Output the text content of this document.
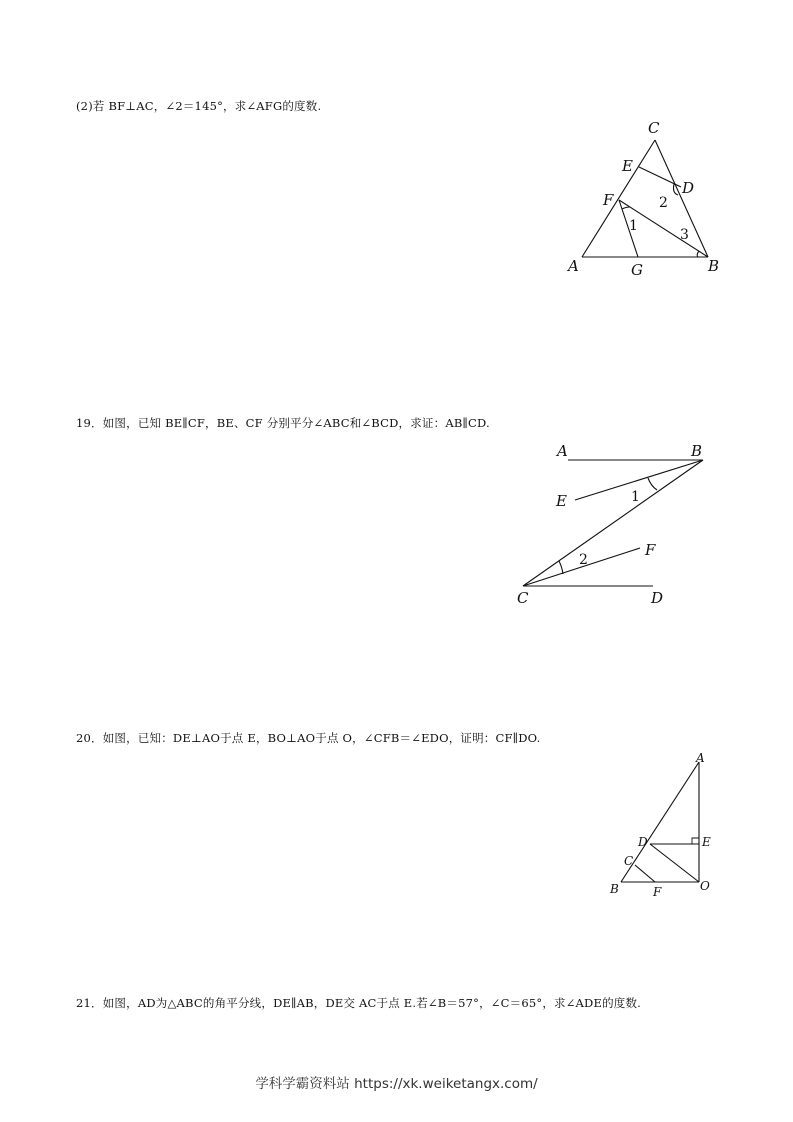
(2)若 BF⊥AC，∠2＝145°，求∠AFG的度数.
19．如图，已知 BE∥CF，BE、CF 分别平分∠ABC和∠BCD，求证：AB∥CD.
20．如图，已知：DE⊥AO于点 E，BO⊥AO于点 O，∠CFB＝∠EDO，证明：CF∥DO.
21．如图，AD为△ABC的角平分线，DE∥AB，DE交 AC于点 E.若∠B＝57°，∠C＝65°，求∠ADE的度数.
C
E
D
F
A	G	B
1
2
3
A	B
E
F
C	D
1
2
A
D	E
C
B	F	O
学科学霸资料站 https://xk.weiketangx.com/
